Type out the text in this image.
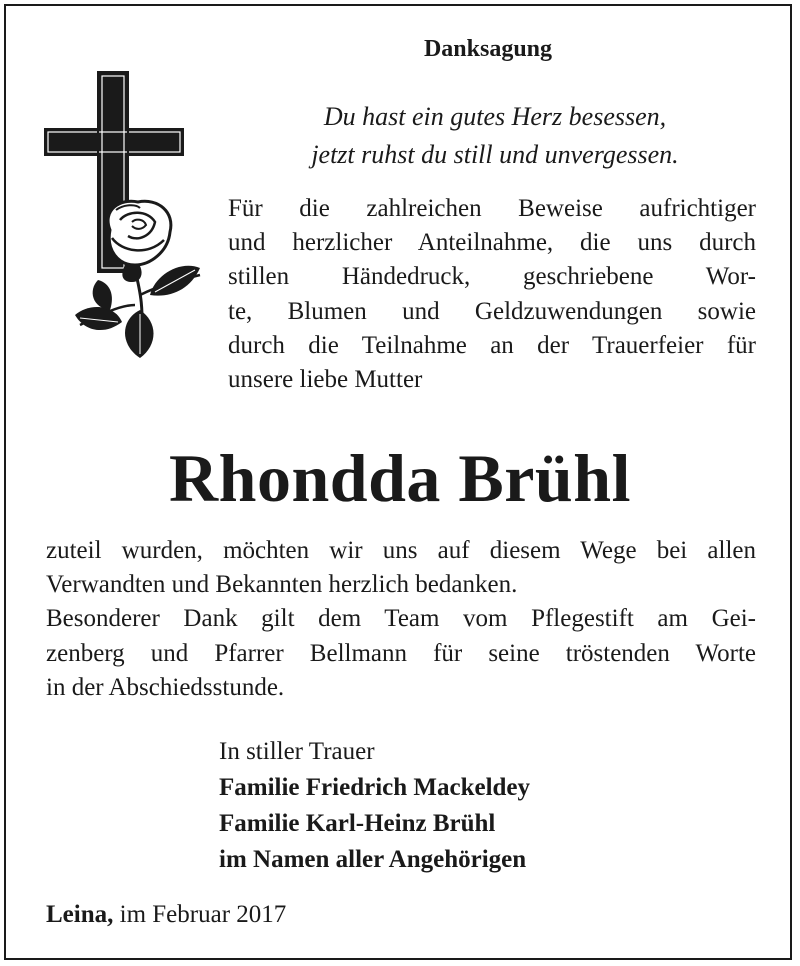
Danksagung
Du hast ein gutes Herz besessen,
jetzt ruhst du still und unvergessen.
Für die zahlreichen Beweise aufrichtiger
und herzlicher Anteilnahme, die uns durch
stillen Händedruck, geschriebene Wor-
te, Blumen und Geldzuwendungen sowie
durch die Teilnahme an der Trauerfeier für
unsere liebe Mutter
Rhondda Brühl
zuteil wurden, möchten wir uns auf diesem Wege bei allen
Verwandten und Bekannten herzlich bedanken.
Besonderer Dank gilt dem Team vom Pflegestift am Gei-
zenberg und Pfarrer Bellmann für seine tröstenden Worte
in der Abschiedsstunde.
In stiller Trauer
Familie Friedrich Mackeldey
Familie Karl-Heinz Brühl
im Namen aller Angehörigen
Leina, im Februar 2017
